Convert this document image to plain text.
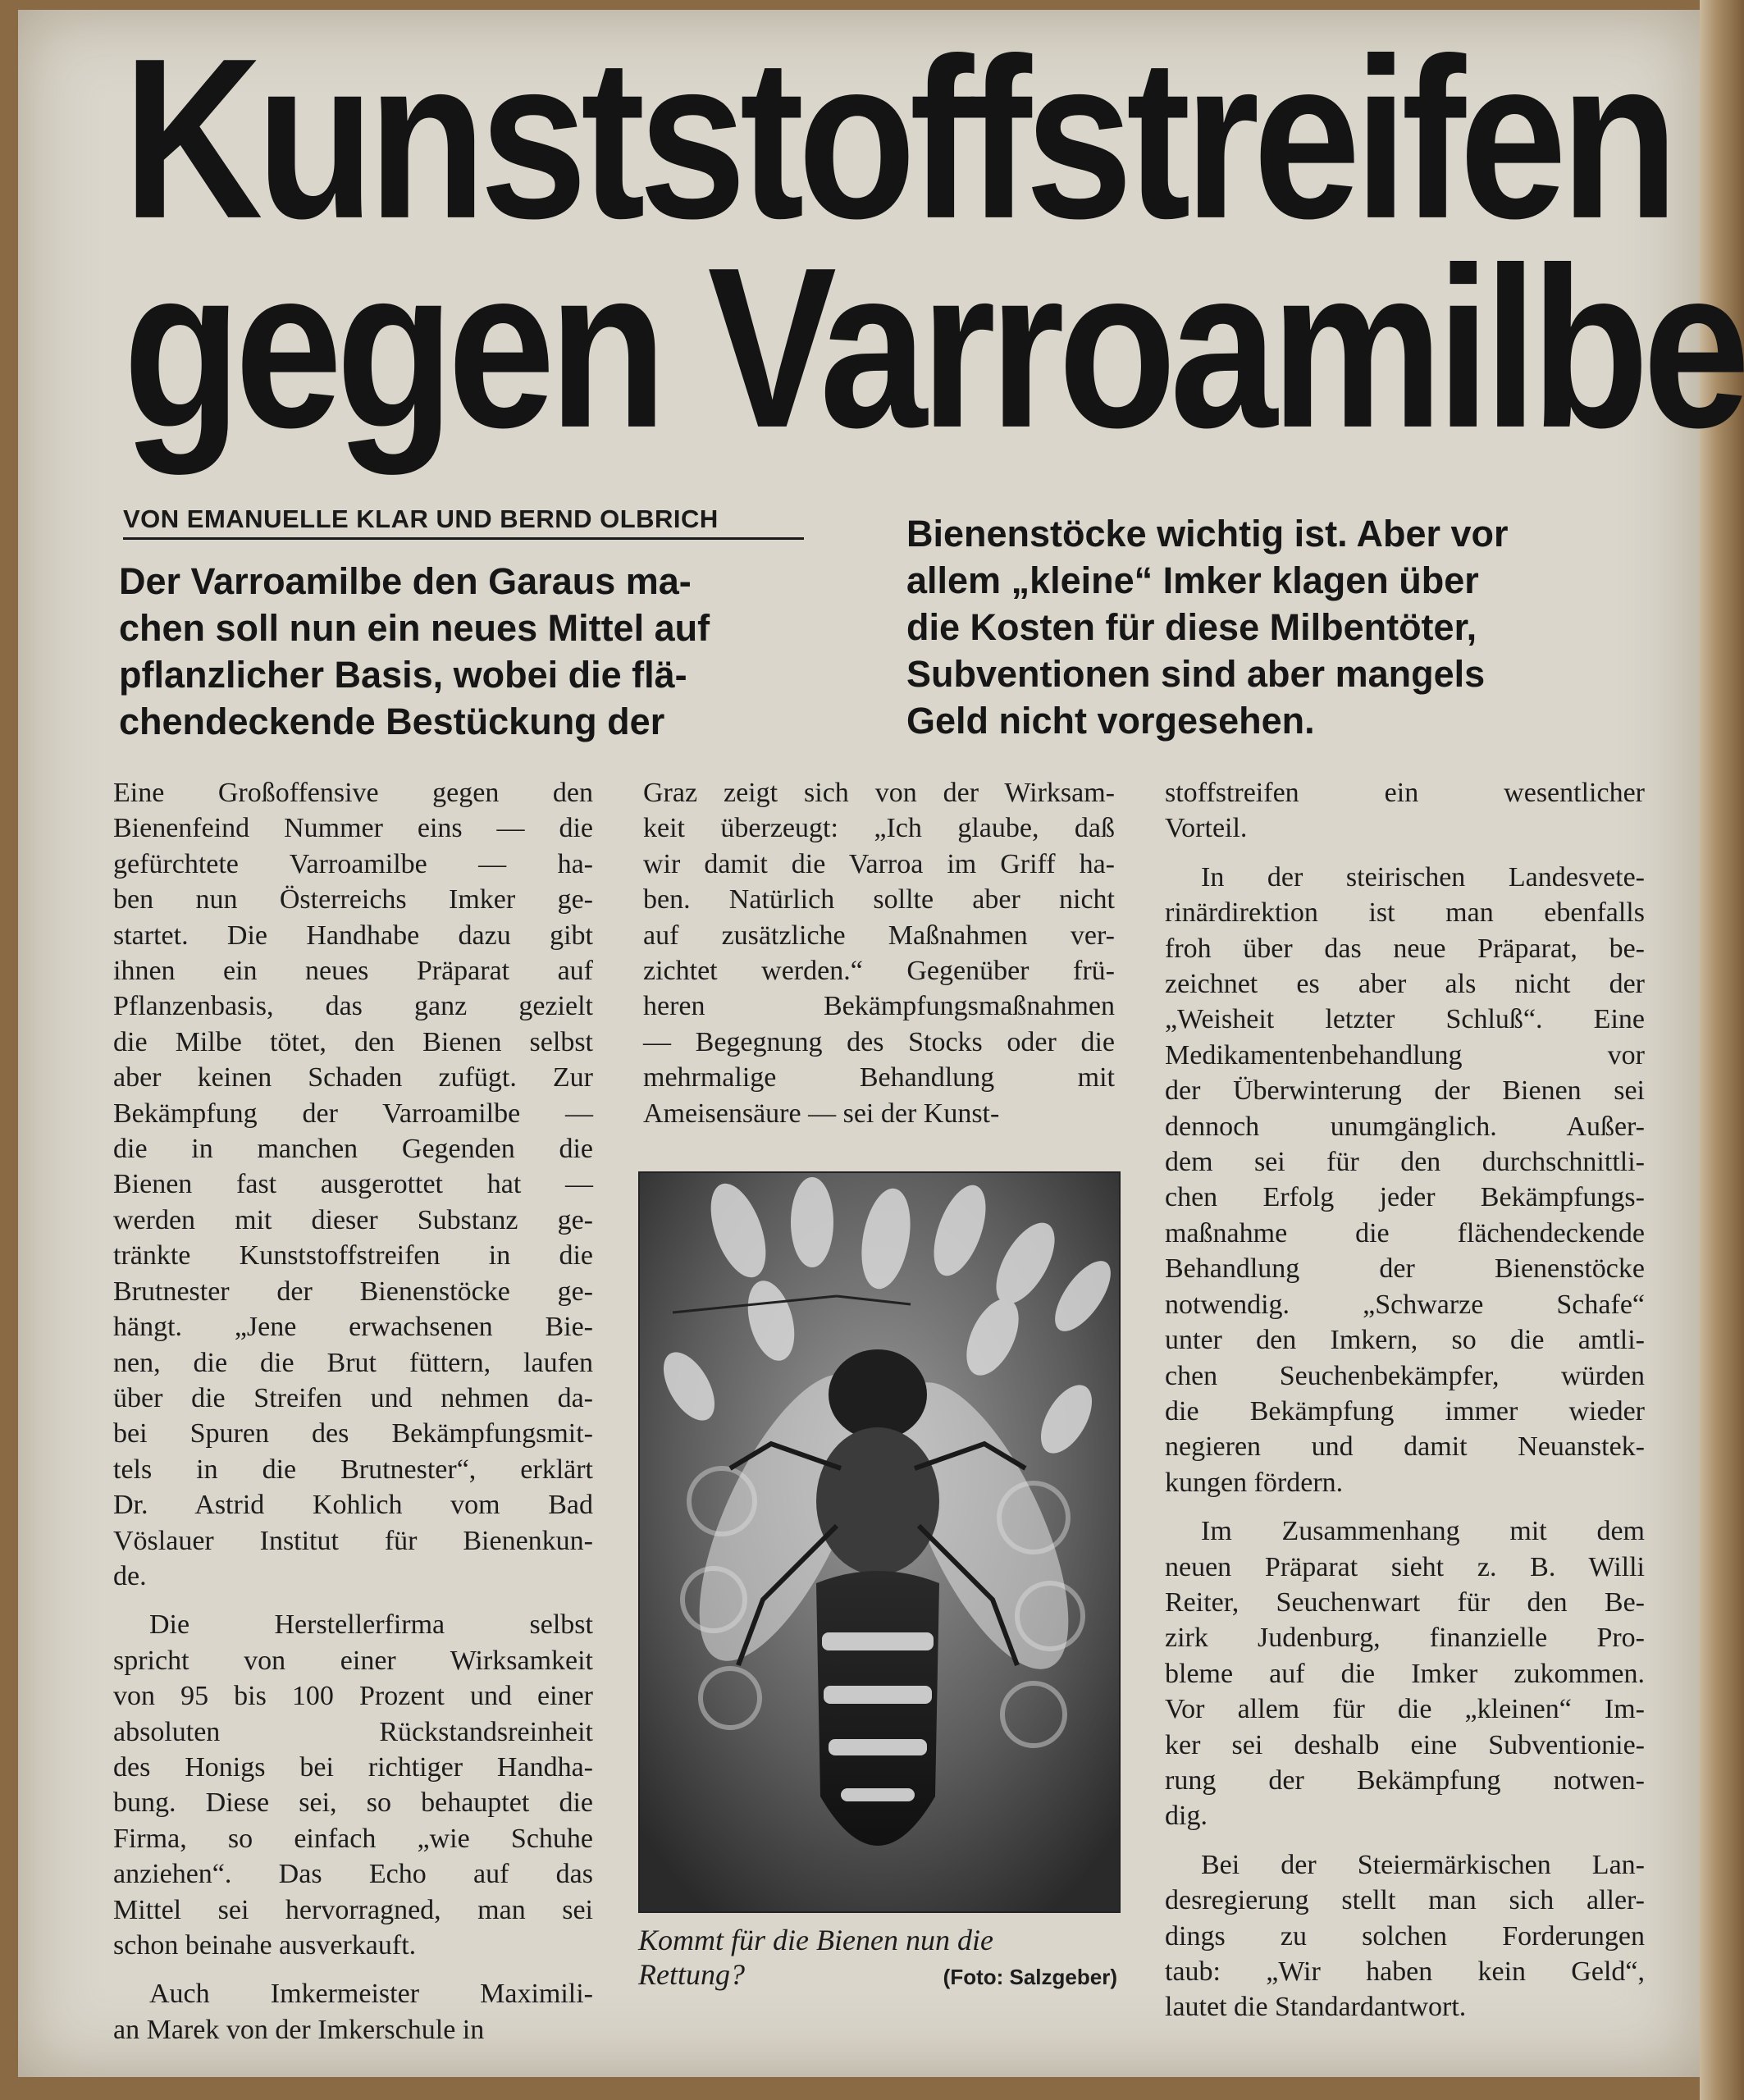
Kunststoffstreifen
gegen Varroamilbe
VON EMANUELLE KLAR UND BERND OLBRICH
Der Varroamilbe den Garaus ma-
chen soll nun ein neues Mittel auf
pflanzlicher Basis, wobei die flä-
chendeckende Bestückung der
Bienenstöcke wichtig ist. Aber vor
allem „kleine“ Imker klagen über
die Kosten für diese Milbentöter,
Subventionen sind aber mangels
Geld nicht vorgesehen.
Eine Großoffensive gegen den
Bienenfeind Nummer eins — die
gefürchtete Varroamilbe — ha-
ben nun Österreichs Imker ge-
startet. Die Handhabe dazu gibt
ihnen ein neues Präparat auf
Pflanzenbasis, das ganz gezielt
die Milbe tötet, den Bienen selbst
aber keinen Schaden zufügt. Zur
Bekämpfung der Varroamilbe —
die in manchen Gegenden die
Bienen fast ausgerottet hat —
werden mit dieser Substanz ge-
tränkte Kunststoffstreifen in die
Brutnester der Bienenstöcke ge-
hängt. „Jene erwachsenen Bie-
nen, die die Brut füttern, laufen
über die Streifen und nehmen da-
bei Spuren des Bekämpfungsmit-
tels in die Brutnester“, erklärt
Dr. Astrid Kohlich vom Bad
Vöslauer Institut für Bienenkun-
de.
Die Herstellerfirma selbst
spricht von einer Wirksamkeit
von 95 bis 100 Prozent und einer
absoluten Rückstandsreinheit
des Honigs bei richtiger Handha-
bung. Diese sei, so behauptet die
Firma, so einfach „wie Schuhe
anziehen“. Das Echo auf das
Mittel sei hervorragned, man sei
schon beinahe ausverkauft.
Auch Imkermeister Maximili-
an Marek von der Imkerschule in
Graz zeigt sich von der Wirksam-
keit überzeugt: „Ich glaube, daß
wir damit die Varroa im Griff ha-
ben. Natürlich sollte aber nicht
auf zusätzliche Maßnahmen ver-
zichtet werden.“ Gegenüber frü-
heren Bekämpfungsmaßnahmen
— Begegnung des Stocks oder die
mehrmalige Behandlung mit
Ameisensäure — sei der Kunst-
stoffstreifen ein wesentlicher
Vorteil.
In der steirischen Landesvete-
rinärdirektion ist man ebenfalls
froh über das neue Präparat, be-
zeichnet es aber als nicht der
„Weisheit letzter Schluß“. Eine
Medikamentenbehandlung vor
der Überwinterung der Bienen sei
dennoch unumgänglich. Außer-
dem sei für den durchschnittli-
chen Erfolg jeder Bekämpfungs-
maßnahme die flächendeckende
Behandlung der Bienenstöcke
notwendig. „Schwarze Schafe“
unter den Imkern, so die amtli-
chen Seuchenbekämpfer, würden
die Bekämpfung immer wieder
negieren und damit Neuanstek-
kungen fördern.
Im Zusammenhang mit dem
neuen Präparat sieht z. B. Willi
Reiter, Seuchenwart für den Be-
zirk Judenburg, finanzielle Pro-
bleme auf die Imker zukommen.
Vor allem für die „kleinen“ Im-
ker sei deshalb eine Subventionie-
rung der Bekämpfung notwen-
dig.
Bei der Steiermärkischen Lan-
desregierung stellt man sich aller-
dings zu solchen Forderungen
taub: „Wir haben kein Geld“,
lautet die Standardantwort.
Kommt für die Bienen nun die
Rettung?	(Foto: Salzgeber)
